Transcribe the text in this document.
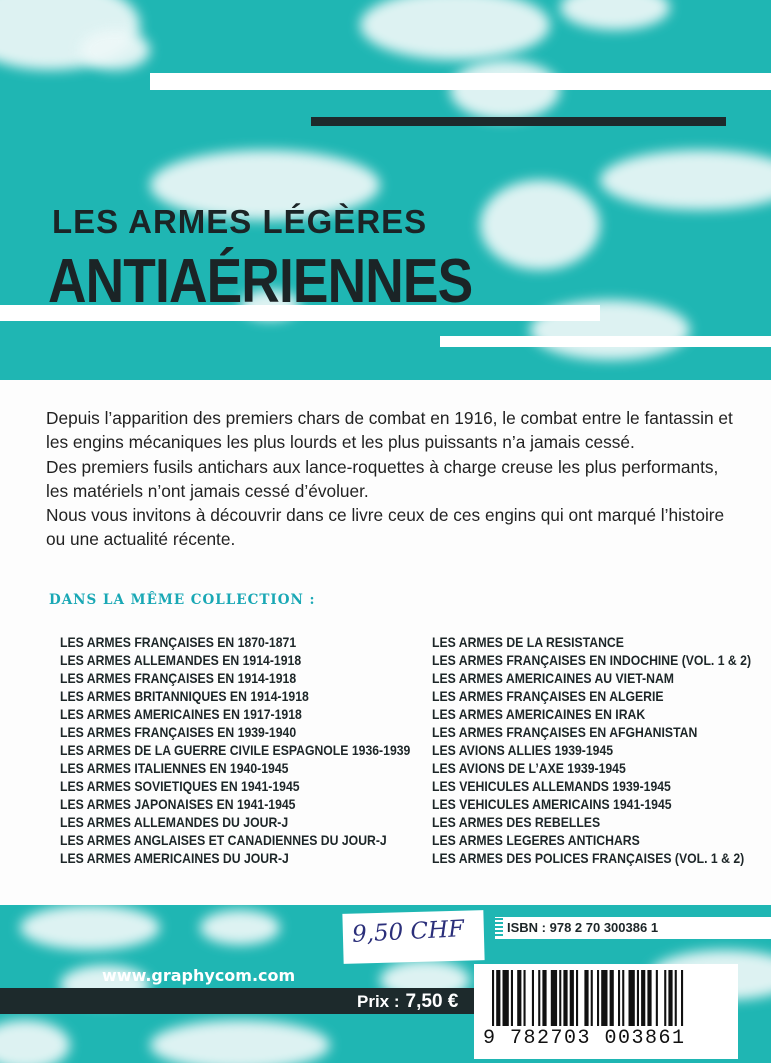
LES ARMES LÉGÈRES
ANTIAÉRIENNES

Depuis l’apparition des premiers chars de combat en 1916, le combat entre le fantassin et les engins mécaniques les plus lourds et les plus puissants n’a jamais cessé.

Des premiers fusils antichars aux lance-roquettes à charge creuse les plus performants, les matériels n’ont jamais cessé d’évoluer.

Nous vous invitons à découvrir dans ce livre ceux de ces engins qui ont marqué l’histoire ou une actualité récente.

DANS LA MÊME COLLECTION :
LES ARMES FRANÇAISES EN 1870-1871
LES ARMES ALLEMANDES EN 1914-1918
LES ARMES FRANÇAISES EN 1914-1918
LES ARMES BRITANNIQUES EN 1914-1918
LES ARMES AMERICAINES EN 1917-1918
LES ARMES FRANÇAISES EN 1939-1940
LES ARMES DE LA GUERRE CIVILE ESPAGNOLE 1936-1939
LES ARMES ITALIENNES EN 1940-1945
LES ARMES SOVIETIQUES EN 1941-1945
LES ARMES JAPONAISES EN 1941-1945
LES ARMES ALLEMANDES DU JOUR-J
LES ARMES ANGLAISES ET CANADIENNES DU JOUR-J
LES ARMES AMERICAINES DU JOUR-J
LES ARMES DE LA RESISTANCE
LES ARMES FRANÇAISES EN INDOCHINE (VOL. 1 & 2)
LES ARMES AMERICAINES AU VIET-NAM
LES ARMES FRANÇAISES EN ALGERIE
LES ARMES AMERICAINES EN IRAK
LES ARMES FRANÇAISES EN AFGHANISTAN
LES AVIONS ALLIES 1939-1945
LES AVIONS DE L’AXE 1939-1945
LES VEHICULES ALLEMANDS 1939-1945
LES VEHICULES AMERICAINS 1941-1945
LES ARMES DES REBELLES
LES ARMES LEGERES ANTICHARS
LES ARMES DES POLICES FRANÇAISES (VOL. 1 & 2)
ISBN : 978 2 70 300386 1
9,50 CHF
www.graphycom.com
Prix : 7,50 €
9 782703 003861
